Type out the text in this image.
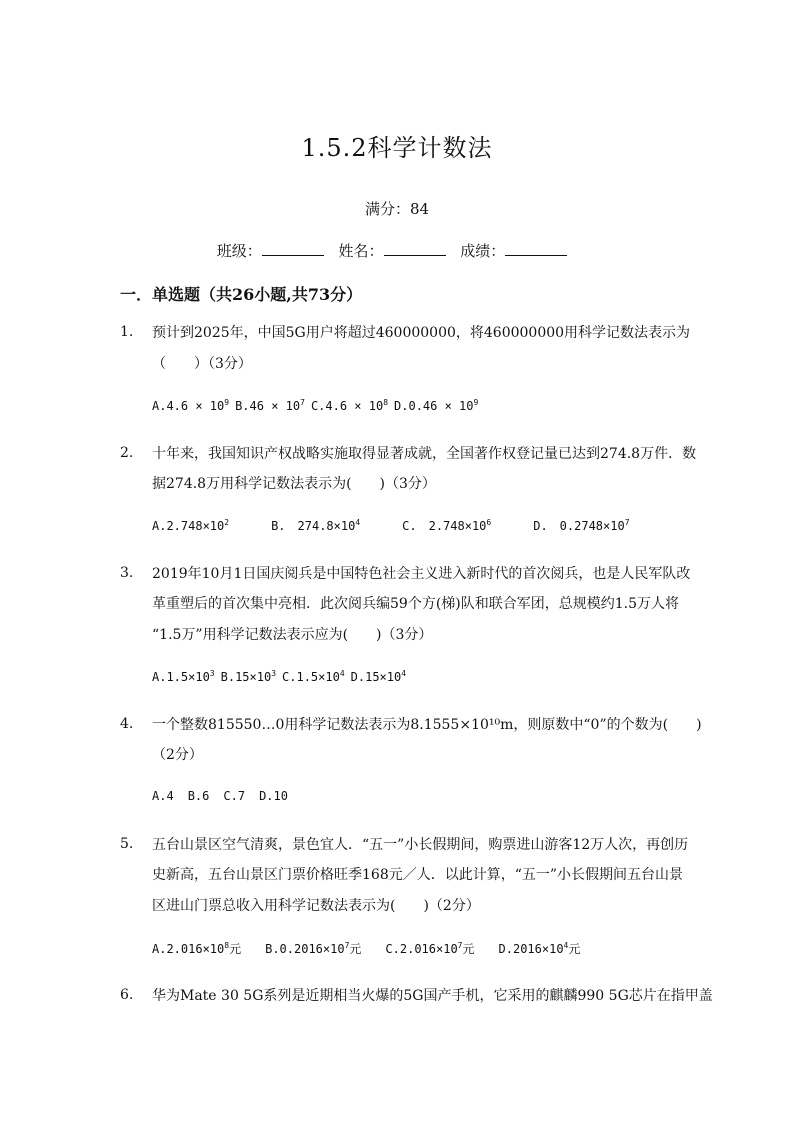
1.5.2科学计数法
满分：84
班级：	姓名：	成绩：
一．单选题（共26小题,共73分）
1. 预计到2025年，中国5G用户将超过460000000，将460000000用科学记数法表示为
（　　）（3分）
$A.4.6 \times 10^9$ $B.46 \times 10^7$ $C.4.6 \times 10^8$ $D.0.46 \times 10^9$
2. 十年来，我国知识产权战略实施取得显著成就，全国著作权登记量已达到274.8万件．数
据274.8万用科学记数法表示为(　　)（3分）
$A.2.748\times 10^2$	B.　$274.8\times 10^4$	C.　$2.748\times 10^6$	D.　$0.2748\times 10^7$
3. 2019年10月1日国庆阅兵是中国特色社会主义进入新时代的首次阅兵，也是人民军队改
革重塑后的首次集中亮相．此次阅兵编59个方(梯)队和联合军团，总规模约1.5万人将
“1.5万”用科学记数法表示应为(　　)（3分）
$A.1.5\times 10^3$ $B.15\times 10^3$ $C.1.5\times 10^4$ $D.15\times 10^4$
4. 一个整数815550…0用科学记数法表示为8.1555×10¹⁰m，则原数中“0”的个数为(　　)
（2分）
A.4 B.6 C.7 D.10
5. 五台山景区空气清爽，景色宜人．“五一”小长假期间，购票进山游客12万人次，再创历
史新高，五台山景区门票价格旺季168元／人．以此计算，“五一”小长假期间五台山景
区进山门票总收入用科学记数法表示为(　　)（2分）
$A.2.016\times 10^8$元 $B.0.2016\times 10^7$元 $C.2.016\times 10^7$元 $D.2016\times 10^4$元
6. 华为Mate 30 5G系列是近期相当火爆的5G国产手机，它采用的麒麟990 5G芯片在指甲盖
